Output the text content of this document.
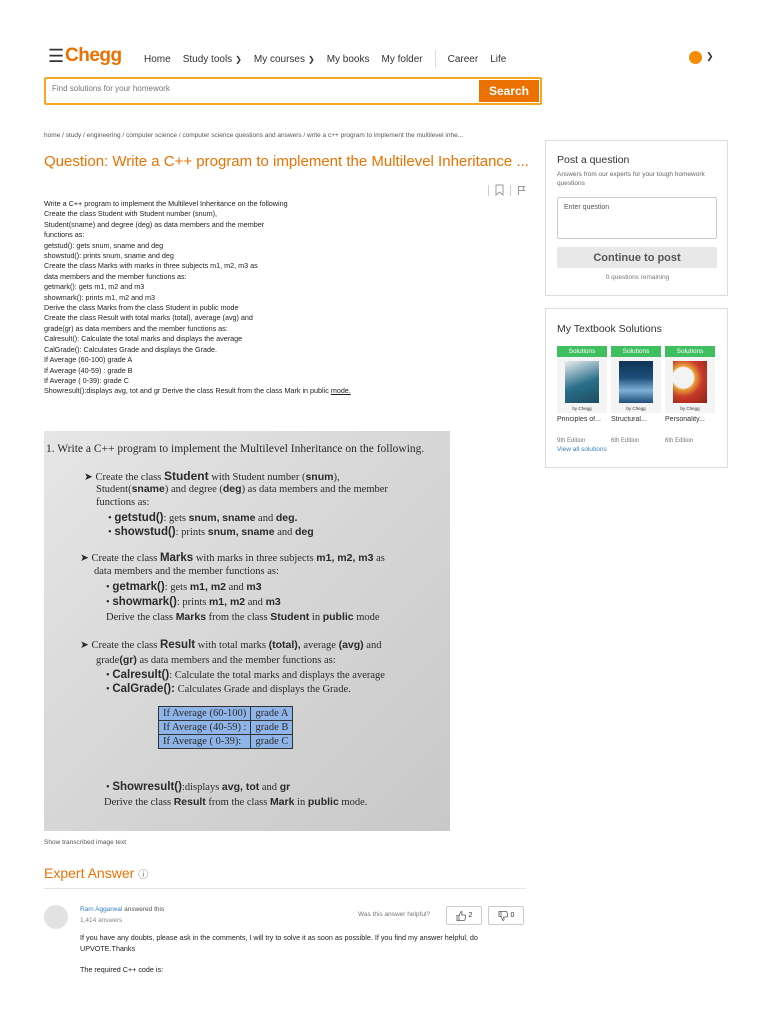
☰ Chegg Home Study tools ❯ My courses ❯ My books My folder	Career Life	❯
Find solutions for your homework
Search
home / study / engineering / computer science / computer science questions and answers / write a c++ program to implement the multilevel inhe...
Question: Write a C++ program to implement the Multilevel Inheritance ...
Write a C++ program to implement the Multilevel Inheritance on the following
Create the class Student with Student number (snum),
Student(sname) and degree (deg) as data members and the member
functions as:
getstud(): gets snum, sname and deg
showstud(): prints snum, sname and deg
Create the class Marks with marks in three subjects m1, m2, m3 as
data members and the member functions as:
getmark(): gets m1, m2 and m3
showmark(): prints m1, m2 and m3
Derive the class Marks from the class Student in public mode
Create the class Result with total marks (total), average (avg) and
grade(gr) as data members and the member functions as:
Calresult(): Calculate the total marks and displays the average
CalGrade(): Calculates Grade and displays the Grade.
If Average (60-100) grade A
If Average (40-59) : grade B
If Average ( 0-39): grade C
Showresult():displays avg, tot and gr Derive the class Result from the class Mark in public mode.
1. Write a C++ program to implement the Multilevel Inheritance on the following.
➤ Create the class Student with Student number (snum),
Student(sname) and degree (deg) as data members and the member
functions as:
• getstud(): gets snum, sname and deg.
• showstud(): prints snum, sname and deg
➤ Create the class Marks with marks in three subjects m1, m2, m3 as
data members and the member functions as:
• getmark(): gets m1, m2 and m3
• showmark(): prints m1, m2 and m3
Derive the class Marks from the class Student in public mode
➤ Create the class Result with total marks (total), average (avg) and
grade(gr) as data members and the member functions as:
• Calresult(): Calculate the total marks and displays the average
• CalGrade(): Calculates Grade and displays the Grade.
If Average (60-100)	grade A
If Average (40-59) :	grade B
If Average ( 0-39):	grade C
• Showresult():displays avg, tot and gr
Derive the class Result from the class Mark in public mode.
Show transcribed image text
Expert Answer ⓘ
Ram Aggarwal answered this
1,414 answers
Was this answer helpful?	2	0
If you have any doubts, please ask in the comments, I will try to solve it as soon as possible. If you find my answer helpful, do UPVOTE.Thanks
The required C++ code is:
Post a question
Answers from our experts for your tough homework questions
Enter question
Continue to post
0 questions remaining
My Textbook Solutions
Solutions
by Chegg
Principles of...
9th Edition
Solutions
by Chegg
Structural...
6th Edition
Solutions
by Chegg
Personality...
6th Edition
View all solutions
